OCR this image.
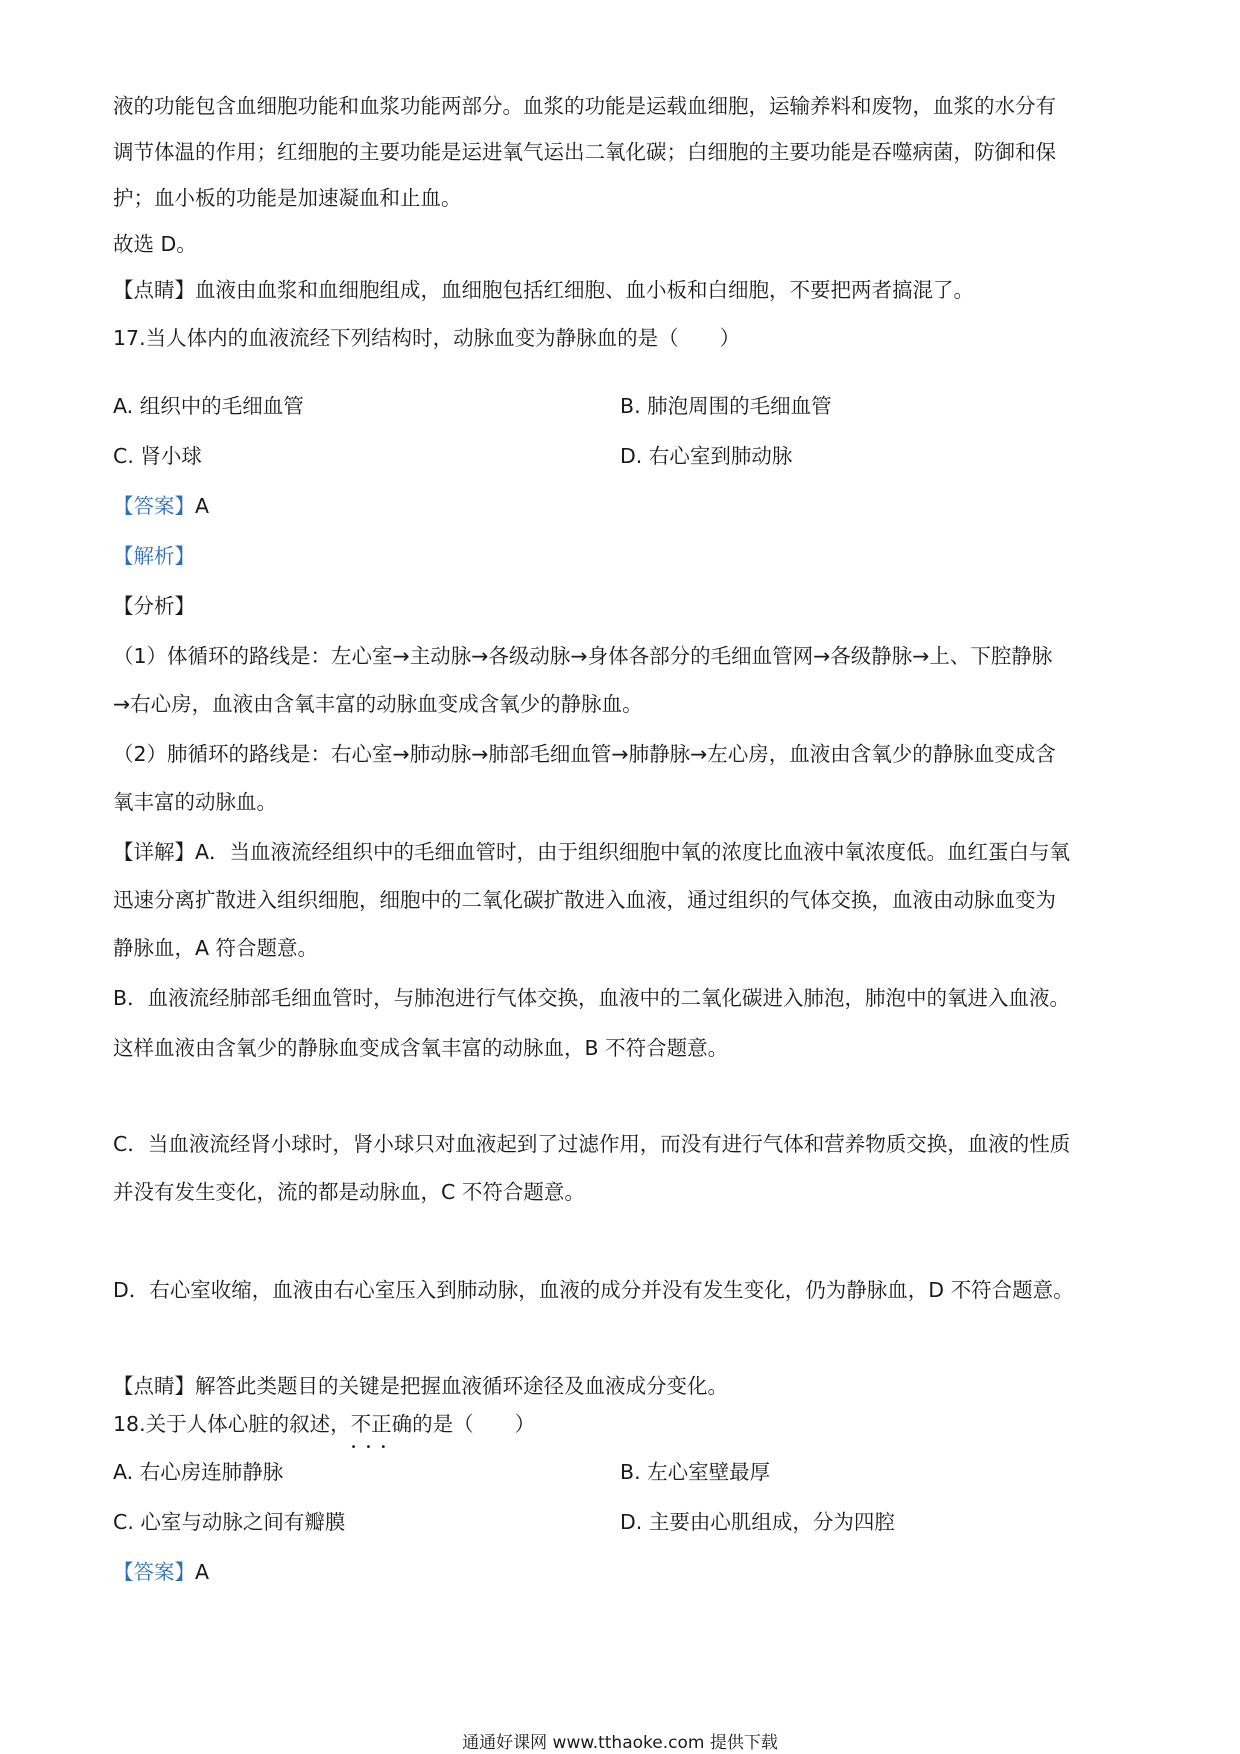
液的功能包含血细胞功能和血浆功能两部分。血浆的功能是运载血细胞，运输养料和废物，血浆的水分有
调节体温的作用；红细胞的主要功能是运进氧气运出二氧化碳；白细胞的主要功能是吞噬病菌，防御和保
护；血小板的功能是加速凝血和止血。
故选 D。
【点睛】血液由血浆和血细胞组成，血细胞包括红细胞、血小板和白细胞，不要把两者搞混了。
17.当人体内的血液流经下列结构时，动脉血变为静脉血的是（　　）
A. 组织中的毛细血管	B. 肺泡周围的毛细血管
C. 肾小球	D. 右心室到肺动脉
【答案】A
【解析】
【分析】
（1）体循环的路线是：左心室→主动脉→各级动脉→身体各部分的毛细血管网→各级静脉→上、下腔静脉
→右心房，血液由含氧丰富的动脉血变成含氧少的静脉血。
（2）肺循环的路线是：右心室→肺动脉→肺部毛细血管→肺静脉→左心房，血液由含氧少的静脉血变成含
氧丰富的动脉血。
【详解】A．当血液流经组织中的毛细血管时，由于组织细胞中氧的浓度比血液中氧浓度低。血红蛋白与氧
迅速分离扩散进入组织细胞，细胞中的二氧化碳扩散进入血液，通过组织的气体交换，血液由动脉血变为
静脉血，A 符合题意。
B．血液流经肺部毛细血管时，与肺泡进行气体交换，血液中的二氧化碳进入肺泡，肺泡中的氧进入血液。
这样血液由含氧少的静脉血变成含氧丰富的动脉血，B 不符合题意。
C．当血液流经肾小球时，肾小球只对血液起到了过滤作用，而没有进行气体和营养物质交换，血液的性质
并没有发生变化，流的都是动脉血，C 不符合题意。
D．右心室收缩，血液由右心室压入到肺动脉，血液的成分并没有发生变化，仍为静脉血，D 不符合题意。
【点睛】解答此类题目的关键是把握血液循环途径及血液成分变化。
18.关于人体心脏的叙述，不正确
•••
的是（　　）
A. 右心房连肺静脉	B. 左心室壁最厚
C. 心室与动脉之间有瓣膜	D. 主要由心肌组成，分为四腔
【答案】A
通通好课网 www.tthaoke.com 提供下载
